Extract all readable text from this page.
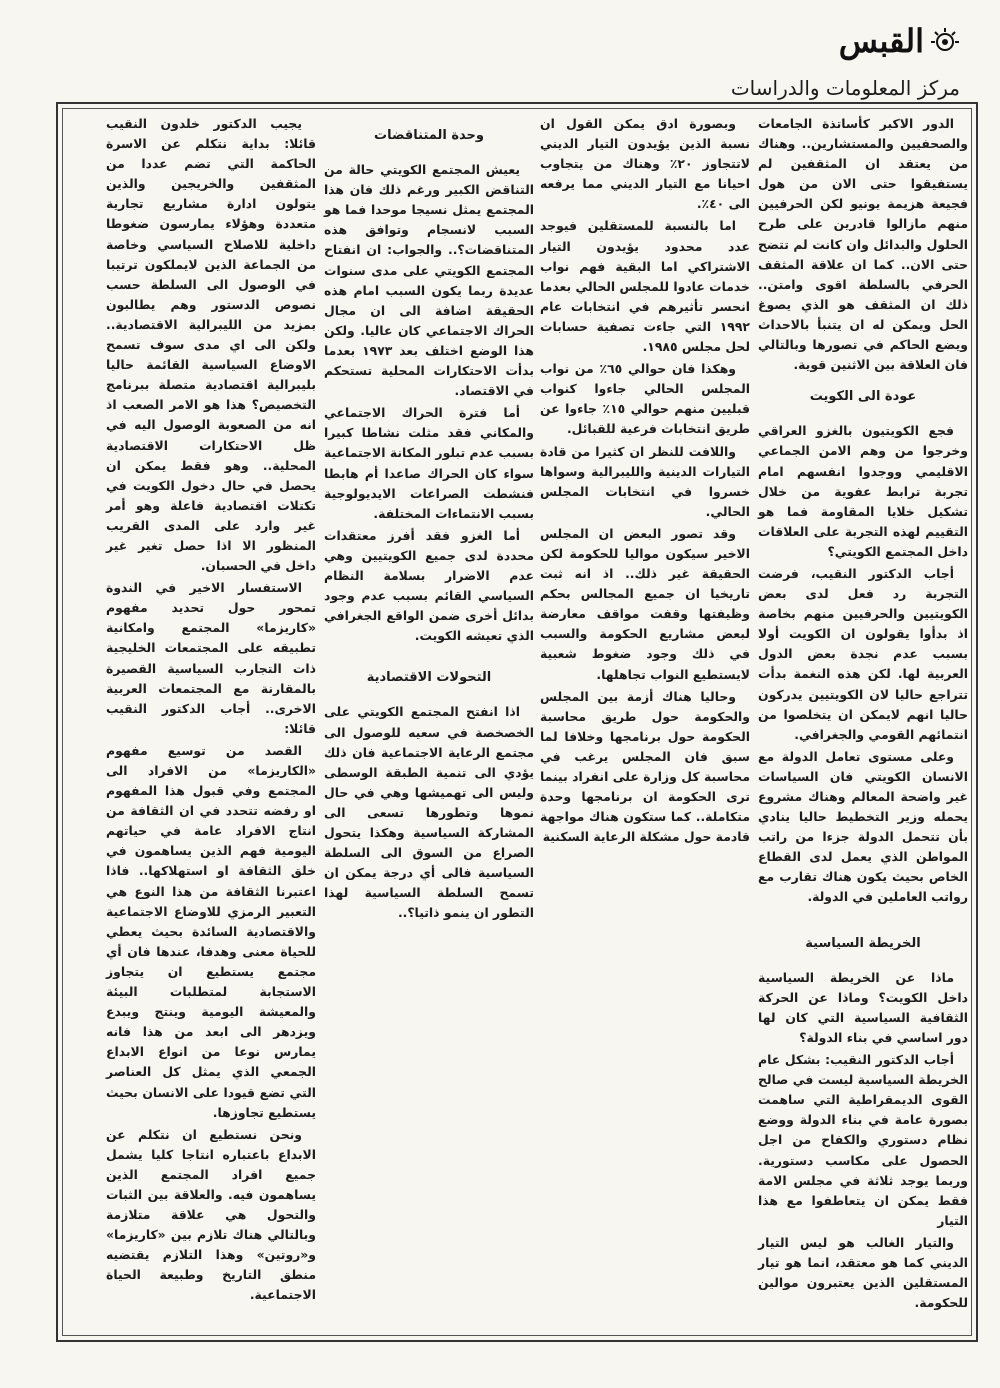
القبس
مركز المعلومات والدراسات

الدور الاكبر كأساتذة الجامعات والصحفيين والمستشارين.. وهناك من يعتقد ان المثقفين لم يستفيقوا حتى الان من هول فجيعة هزيمة يونيو لكن الحرفيين منهم مازالوا قادرين على طرح الحلول والبدائل وان كانت لم تتضح حتى الان.. كما ان علاقة المثقف الحرفي بالسلطة اقوى وامتن.. ذلك ان المثقف هو الذي يصوغ الحل ويمكن له ان يتنبأ بالاحداث ويضع الحاكم في تصورها وبالتالي فان العلاقة بين الاثنين قوية.

عودة الى الكويت

فجع الكويتيون بالغزو العراقي وخرجوا من وهم الامن الجماعي الاقليمي ووجدوا انفسهم امام تجربة ترابط عفوية من خلال تشكيل خلايا المقاومة فما هو التقييم لهذه التجربة على العلاقات داخل المجتمع الكويتي؟

أجاب الدكتور النقيب، فرضت التجربة رد فعل لدى بعض الكويتيين والحرفيين منهم بخاصة اذ بدأوا يقولون ان الكويت أولا بسبب عدم نجدة بعض الدول العربية لها. لكن هذه النغمة بدأت تتراجع حاليا لان الكويتيين يدركون حاليا انهم لايمكن ان يتخلصوا من انتمائهم القومي والجغرافي.

وعلى مستوى تعامل الدولة مع الانسان الكويتي فان السياسات غير واضحة المعالم وهناك مشروع يحمله وزير التخطيط حاليا ينادي بأن تتحمل الدولة جزءا من راتب المواطن الذي يعمل لدى القطاع الخاص بحيث يكون هناك تقارب مع رواتب العاملين في الدولة.

الخريطة السياسية

ماذا عن الخريطة السياسية داخل الكويت؟ وماذا عن الحركة الثقافية السياسية التي كان لها دور اساسي في بناء الدولة؟

أجاب الدكتور النقيب: بشكل عام الخريطة السياسية ليست في صالح القوى الديمقراطية التي ساهمت بصورة عامة في بناء الدولة ووضع نظام دستوري والكفاح من اجل الحصول على مكاسب دستورية. وربما يوجد ثلاثة في مجلس الامة فقط يمكن ان يتعاطفوا مع هذا التيار

والتيار الغالب هو ليس التيار الديني كما هو معتقد، انما هو تيار المستقلين الذين يعتبرون موالين للحكومة.

وبصورة ادق يمكن القول ان نسبة الذين يؤيدون التيار الديني لاتتجاوز ٢٠٪ وهناك من يتجاوب احيانا مع التيار الديني مما يرفعه الى ٤٠٪.

اما بالنسبة للمستقلين فيوجد عدد محدود يؤيدون التيار الاشتراكي اما البقية فهم نواب خدمات عادوا للمجلس الحالي بعدما انحسر تأثيرهم في انتخابات عام ١٩٩٢ التي جاءت تصفية حسابات لحل مجلس ١٩٨٥.

وهكذا فان حوالي ٦٥٪ من نواب المجلس الحالي جاءوا كنواب قبليين منهم حوالي ١٥٪ جاءوا عن طريق انتخابات فرعية للقبائل.

واللافت للنظر ان كثيرا من قادة التيارات الدينية والليبرالية وسواها خسروا في انتخابات المجلس الحالي.

وقد تصور البعض ان المجلس الاخير سيكون مواليا للحكومة لكن الحقيقة غير ذلك.. اذ انه ثبت تاريخيا ان جميع المجالس بحكم وظيفتها وقفت مواقف معارضة لبعض مشاريع الحكومة والسبب في ذلك وجود ضغوط شعبية لايستطيع النواب تجاهلها.

وحاليا هناك أزمة بين المجلس والحكومة حول طريق محاسبة الحكومة حول برنامجها وخلافا لما سبق فان المجلس يرغب في محاسبة كل وزارة على انفراد بينما ترى الحكومة ان برنامجها وحدة متكاملة.. كما ستكون هناك مواجهة قادمة حول مشكلة الرعاية السكنية

وحدة المتناقضات

يعيش المجتمع الكويتي حالة من التناقض الكبير ورغم ذلك فان هذا المجتمع يمثل نسيجا موحدا فما هو السبب لانسجام وتوافق هذه المتناقضات؟.. والجواب: ان انفتاح المجتمع الكويتي على مدى سنوات عديدة ربما يكون السبب امام هذه الحقيقة اضافة الى ان مجال الحراك الاجتماعي كان عاليا. ولكن هذا الوضع اختلف بعد ١٩٧٣ بعدما بدأت الاحتكارات المحلية تستحكم في الاقتصاد.

أما فترة الحراك الاجتماعي والمكاني فقد مثلت نشاطا كبيرا بسبب عدم تبلور المكانة الاجتماعية سواء كان الحراك صاعدا أم هابطا فنشطت الصراعات الايديولوجية بسبب الانتماءات المختلفة.

أما الغزو فقد أفرز معتقدات محددة لدى جميع الكويتيين وهي عدم الاضرار بسلامة النظام السياسي القائم بسبب عدم وجود بدائل أخرى ضمن الواقع الجغرافي الذي تعيشه الكويت.

التحولات الاقتصادية

اذا انفتح المجتمع الكويتي على الخصخصة في سعيه للوصول الى مجتمع الرعاية الاجتماعية فان ذلك يؤدي الى تنمية الطبقة الوسطى وليس الى تهميشها وهي في حال نموها وتطورها تسعى الى المشاركة السياسية وهكذا يتحول الصراع من السوق الى السلطة السياسية فالى أي درجة يمكن ان تسمح السلطة السياسية لهذا التطور ان ينمو ذاتيا؟..

يجيب الدكتور خلدون النقيب قائلا: بداية نتكلم عن الاسرة الحاكمة التي تضم عددا من المثقفين والخريجين والذين يتولون ادارة مشاريع تجارية متعددة وهؤلاء يمارسون ضغوطا داخلية للاصلاح السياسي وخاصة من الجماعة الذين لايملكون ترتيبا في الوصول الى السلطة حسب نصوص الدستور وهم يطالبون بمزيد من الليبرالية الاقتصادية.. ولكن الى اي مدى سوف تسمح الاوضاع السياسية القائمة حاليا بليبرالية اقتصادية متصلة ببرنامج التخصيص؟ هذا هو الامر الصعب اذ انه من الصعوبة الوصول اليه في ظل الاحتكارات الاقتصادية المحلية.. وهو فقط يمكن ان يحصل في حال دخول الكويت في تكتلات اقتصادية فاعلة وهو أمر غير وارد على المدى القريب المنظور الا اذا حصل تغير غير داخل في الحسبان.

الاستفسار الاخير في الندوة تمحور حول تحديد مفهوم «كاريزما» المجتمع وامكانية تطبيقه على المجتمعات الخليجية ذات التجارب السياسية القصيرة بالمقارنة مع المجتمعات العربية الاخرى.. أجاب الدكتور النقيب قائلا:

القصد من توسيع مفهوم «الكاريزما» من الافراد الى المجتمع وفي قبول هذا المفهوم او رفضه تتحدد في ان الثقافة من انتاج الافراد عامة في حياتهم اليومية فهم الذين يساهمون في خلق الثقافة او استهلاكها.. فاذا اعتبرنا الثقافة من هذا النوع هي التعبير الرمزي للاوضاع الاجتماعية والاقتصادية السائدة بحيث يعطي للحياة معنى وهدفا، عندها فان أي مجتمع يستطيع ان يتجاوز الاستجابة لمتطلبات البيئة والمعيشة اليومية وينتج ويبدع ويزدهر الى ابعد من هذا فانه يمارس نوعا من انواع الابداع الجمعي الذي يمثل كل العناصر التي تضع قيودا على الانسان بحيث يستطيع تجاوزها.

ونحن نستطيع ان نتكلم عن الابداع باعتباره انتاجا كليا يشمل جميع افراد المجتمع الذين يساهمون فيه. والعلاقة بين الثبات والتحول هي علاقة متلازمة وبالتالي هناك تلازم بين «كاريزما» و«روتين» وهذا التلازم يقتضيه منطق التاريخ وطبيعة الحياة الاجتماعية.
